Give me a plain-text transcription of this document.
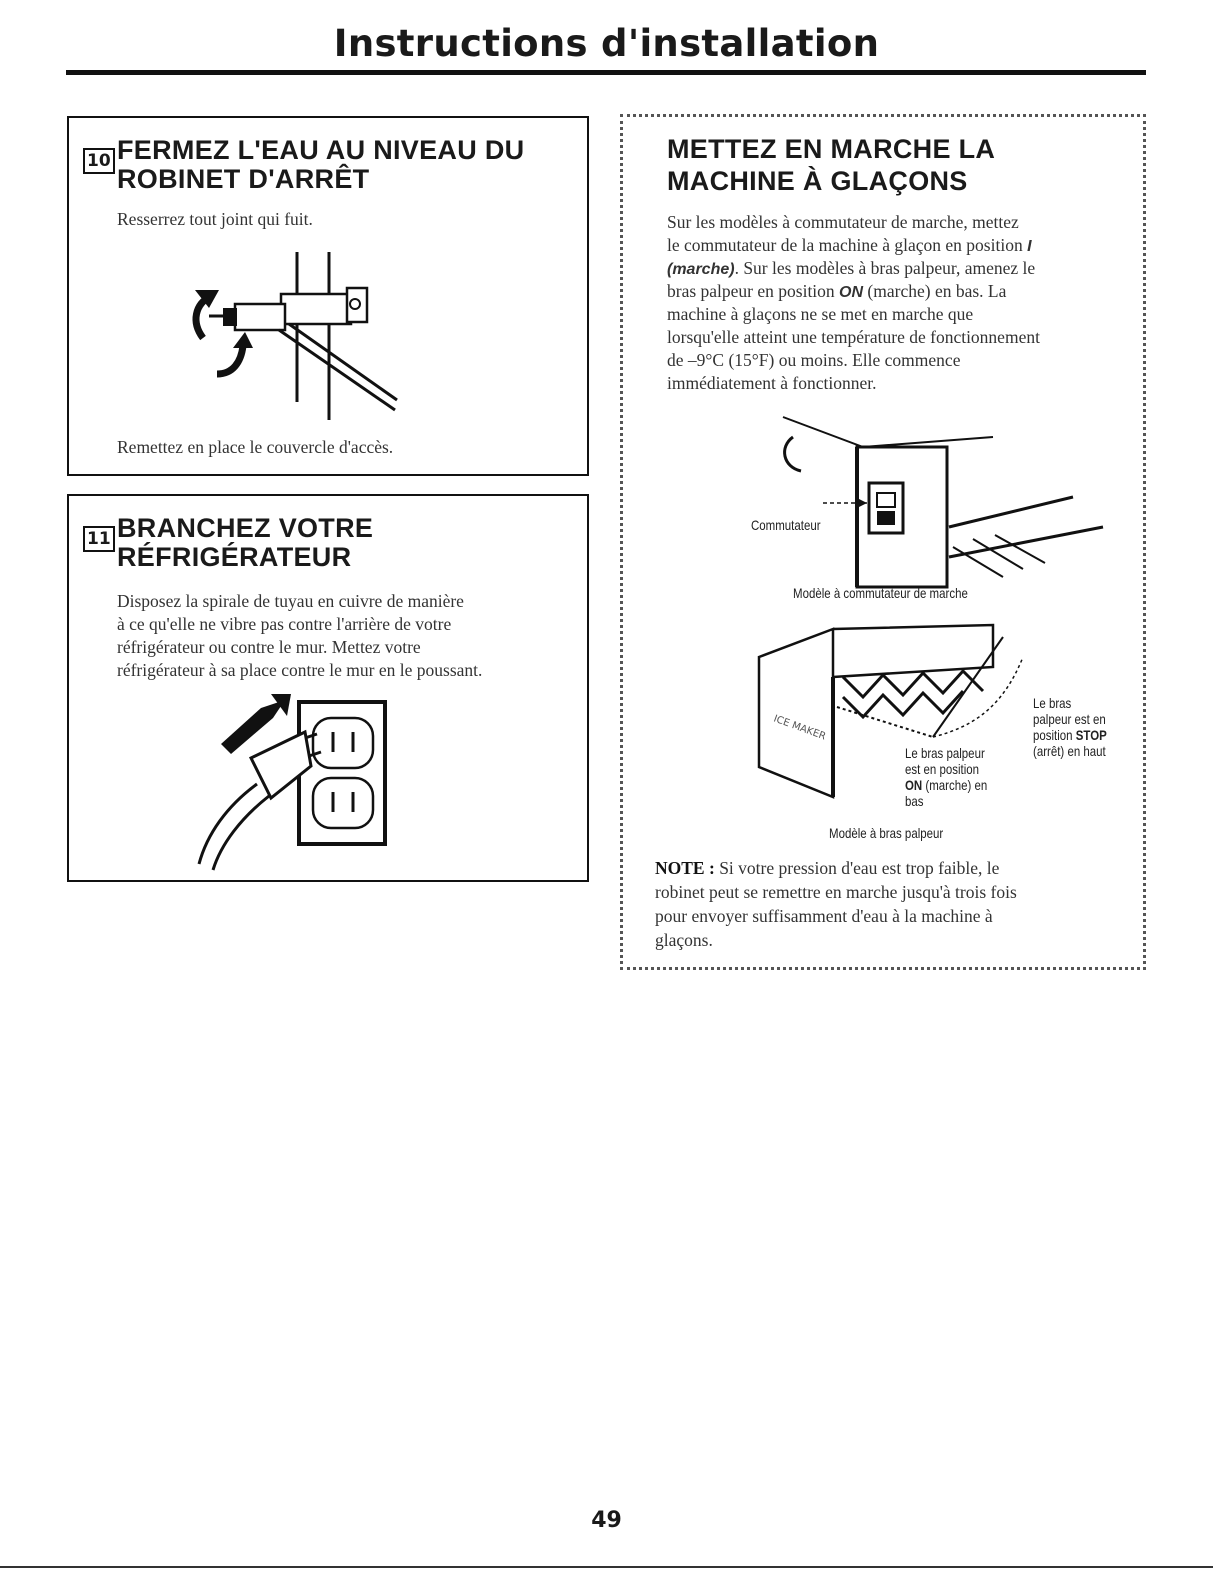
Instructions d'installation
10 FERMEZ L'EAU AU NIVEAU DU
ROBINET D'ARRÊT
Resserrez tout joint qui fuit.
Remettez en place le couvercle d'accès.
11 BRANCHEZ VOTRE
RÉFRIGÉRATEUR
Disposez la spirale de tuyau en cuivre de manière
à ce qu'elle ne vibre pas contre l'arrière de votre
réfrigérateur ou contre le mur. Mettez votre
réfrigérateur à sa place contre le mur en le poussant.
METTEZ EN MARCHE LA
MACHINE À GLAÇONS
Sur les modèles à commutateur de marche, mettez
le commutateur de la machine à glaçon en position I
(marche). Sur les modèles à bras palpeur, amenez le
bras palpeur en position ON (marche) en bas. La
machine à glaçons ne se met en marche que
lorsqu'elle atteint une température de fonctionnement
de –9°C (15°F) ou moins. Elle commence
immédiatement à fonctionner.
Commutateur
Modèle à commutateur de marche
ICE MAKER
Le bras
palpeur est en
position STOP
(arrêt) en haut
Le bras palpeur
est en position
ON (marche) en
bas
Modèle à bras palpeur
NOTE : Si votre pression d'eau est trop faible, le
robinet peut se remettre en marche jusqu'à trois fois
pour envoyer suffisamment d'eau à la machine à
glaçons.
49
